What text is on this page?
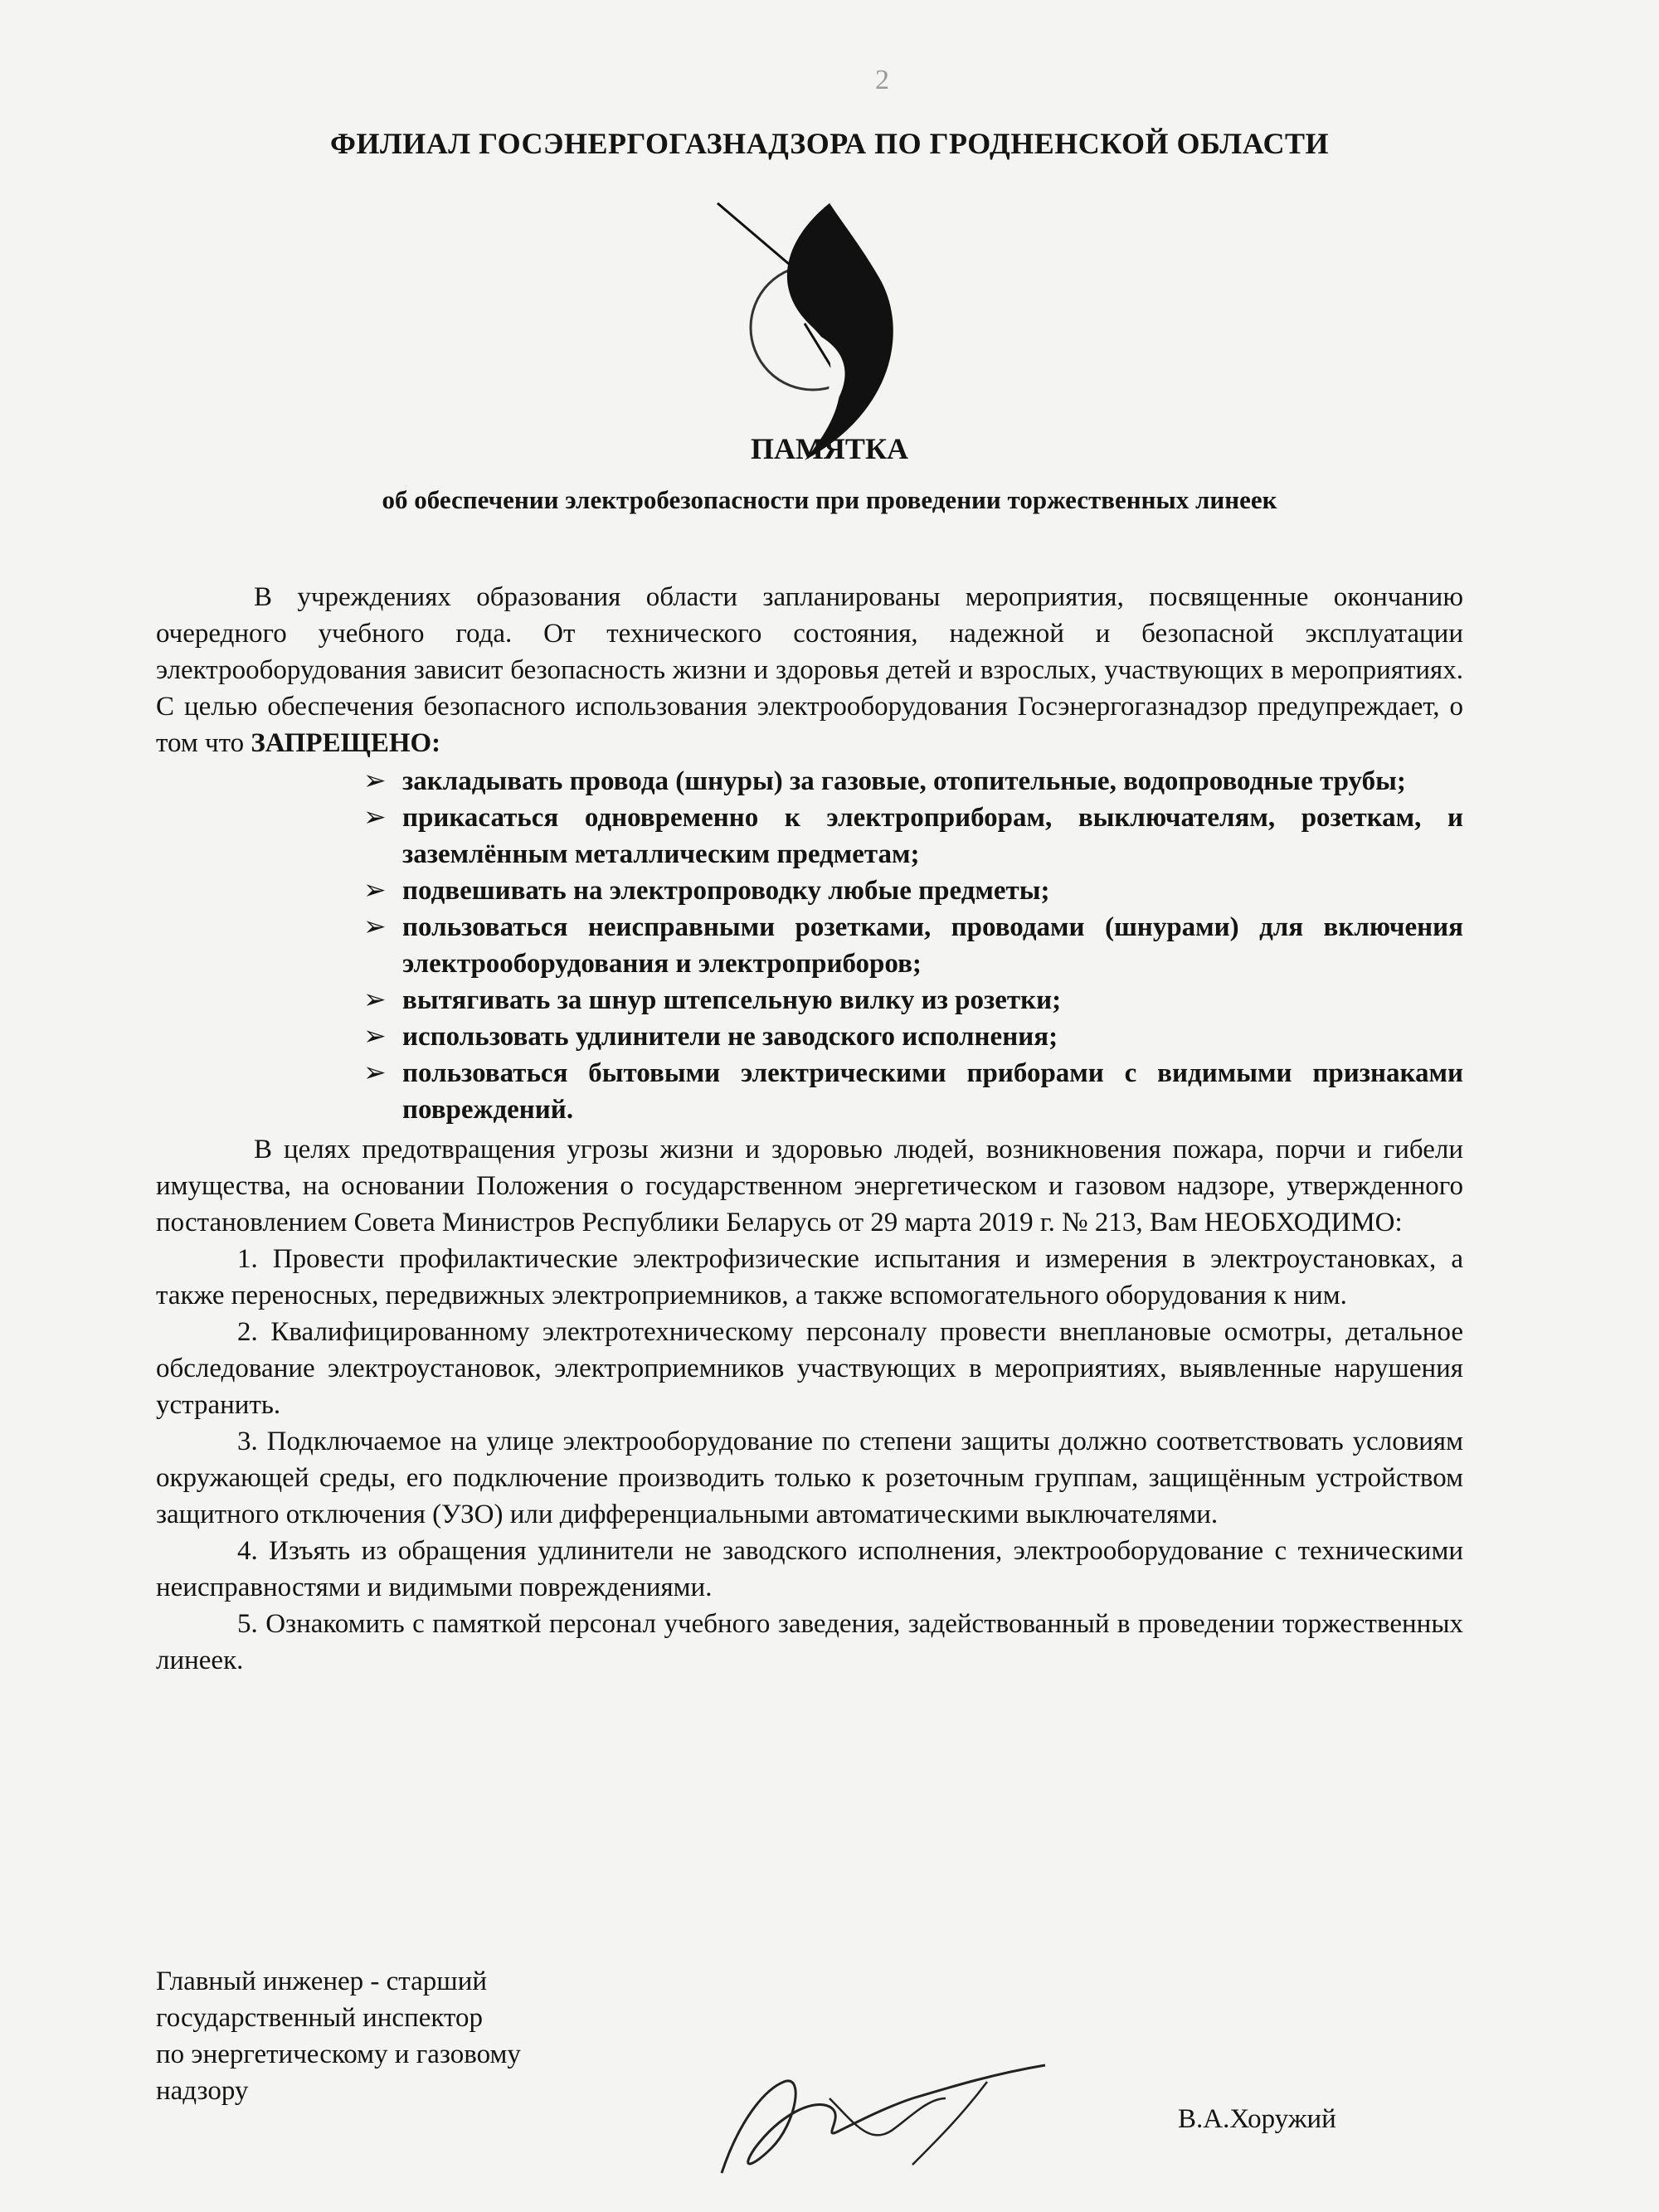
2
ФИЛИАЛ ГОСЭНЕРГОГАЗНАДЗОРА ПО ГРОДНЕНСКОЙ ОБЛАСТИ
ПАМЯТКА
об обеспечении электробезопасности при проведении торжественных линеек

В учреждениях образования области запланированы мероприятия, посвященные окончанию очередного учебного года. От технического состояния, надежной и безопасной эксплуатации электрооборудования зависит безопасность жизни и здоровья детей и взрослых, участвующих в мероприятиях. С целью обеспечения безопасного использования электрооборудования Госэнергогазнадзор предупреждает, о том что ЗАПРЕЩЕНО:

➢ закладывать провода (шнуры) за газовые, отопительные, водопроводные трубы;
➢ прикасаться одновременно к электроприборам, выключателям, розеткам, и заземлённым металлическим предметам;
➢ подвешивать на электропроводку любые предметы;
➢ пользоваться неисправными розетками, проводами (шнурами) для включения электрооборудования и электроприборов;
➢ вытягивать за шнур штепсельную вилку из розетки;
➢ использовать удлинители не заводского исполнения;
➢ пользоваться бытовыми электрическими приборами с видимыми признаками повреждений.

В целях предотвращения угрозы жизни и здоровью людей, возникновения пожара, порчи и гибели имущества, на основании Положения о государственном энергетическом и газовом надзоре, утвержденного постановлением Совета Министров Республики Беларусь от 29 марта 2019 г. № 213, Вам НЕОБХОДИМО:

1. Провести профилактические электрофизические испытания и измерения в электроустановках, а также переносных, передвижных электроприемников, а также вспомогательного оборудования к ним.

2. Квалифицированному электротехническому персоналу провести внеплановые осмотры, детальное обследование электроустановок, электроприемников участвующих в мероприятиях, выявленные нарушения устранить.

3. Подключаемое на улице электрооборудование по степени защиты должно соответствовать условиям окружающей среды, его подключение производить только к розеточным группам, защищённым устройством защитного отключения (УЗО) или дифференциальными автоматическими выключателями.

4. Изъять из обращения удлинители не заводского исполнения, электрооборудование с техническими неисправностями и видимыми повреждениями.

5. Ознакомить с памяткой персонал учебного заведения, задействованный в проведении торжественных линеек.

Главный инженер - старший
государственный инспектор
по энергетическому и газовому
надзору
В.А.Хоружий
